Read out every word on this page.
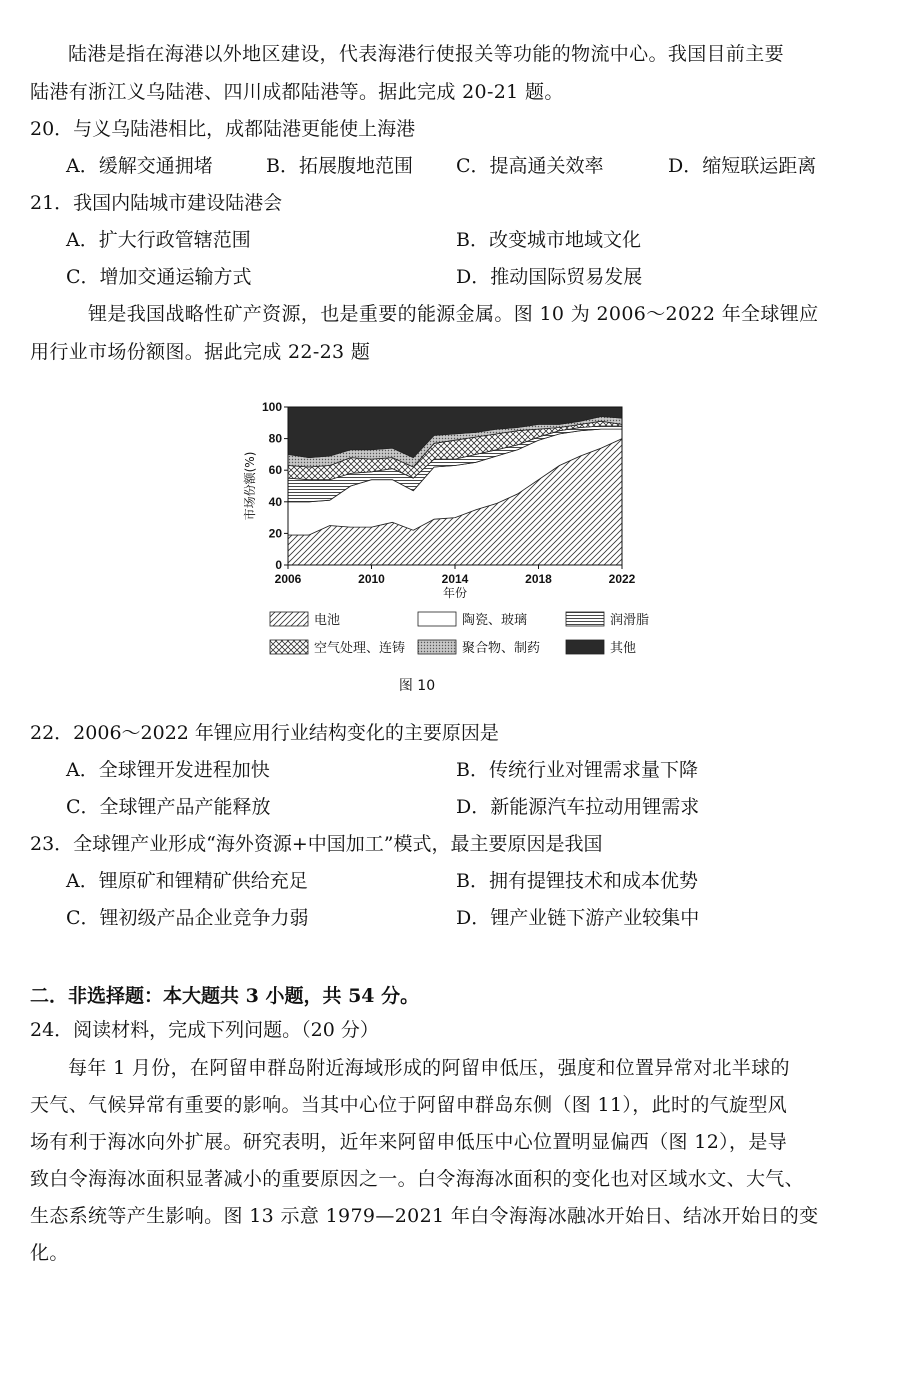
陆港是指在海港以外地区建设，代表海港行使报关等功能的物流中心。我国目前主要
陆港有浙江义乌陆港、四川成都陆港等。据此完成 20-21 题。
20．与义乌陆港相比，成都陆港更能使上海港
A．缓解交通拥堵	B．拓展腹地范围 C．提高通关效率	D．缩短联运距离
21．我国内陆城市建设陆港会
A．扩大行政管辖范围	B．改变城市地域文化
C．增加交通运输方式	D．推动国际贸易发展
锂是我国战略性矿产资源，也是重要的能源金属。图 10 为 2006～2022 年全球锂应
用行业市场份额图。据此完成 22-23 题
0
20
40
60
80
100
2006	2010	2014	2018	2022
年份
市场份额(%)
电池	陶瓷、玻璃	润滑脂
空气处理、连铸	聚合物、制药	其他
图 10
22．2006～2022 年锂应用行业结构变化的主要原因是
A．全球锂开发进程加快	B．传统行业对锂需求量下降
C．全球锂产品产能释放	D．新能源汽车拉动用锂需求
23．全球锂产业形成“海外资源+中国加工”模式，最主要原因是我国
A．锂原矿和锂精矿供给充足	B．拥有提锂技术和成本优势
C．锂初级产品企业竞争力弱	D．锂产业链下游产业较集中
二．非选择题：本大题共 3 小题，共 54 分。
24．阅读材料，完成下列问题。（20 分）
每年 1 月份，在阿留申群岛附近海域形成的阿留申低压，强度和位置异常对北半球的
天气、气候异常有重要的影响。当其中心位于阿留申群岛东侧（图 11），此时的气旋型风
场有利于海冰向外扩展。研究表明，近年来阿留申低压中心位置明显偏西（图 12），是导
致白令海海冰面积显著减小的重要原因之一。白令海海冰面积的变化也对区域水文、大气、
生态系统等产生影响。图 13 示意 1979—2021 年白令海海冰融冰开始日、结冰开始日的变
化。
